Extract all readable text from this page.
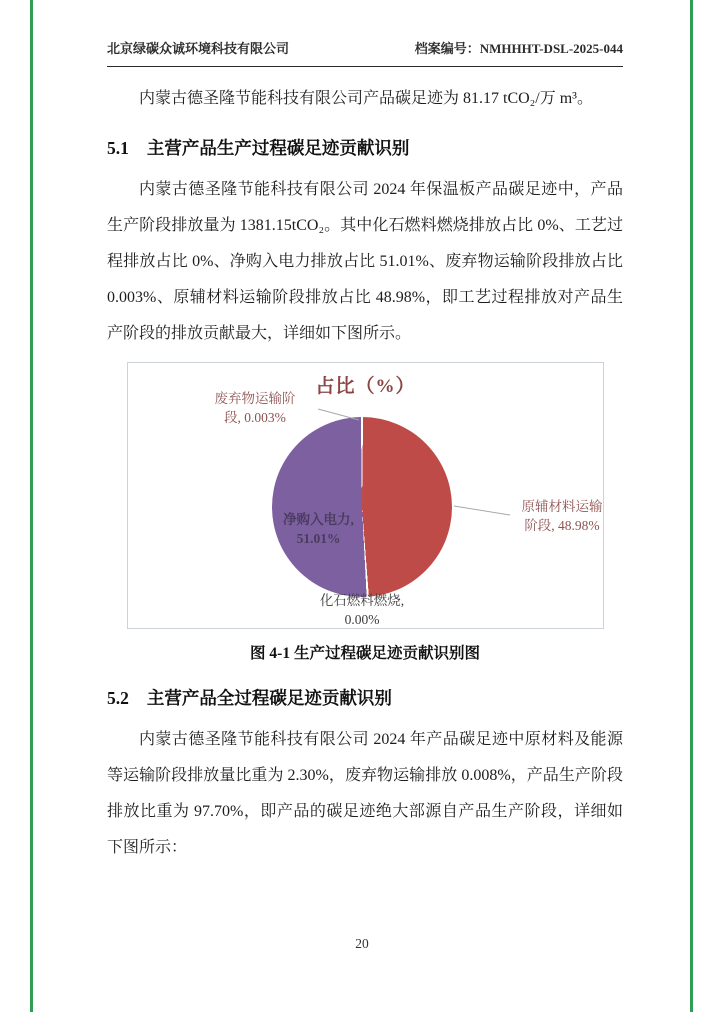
北京绿碳众诚环境科技有限公司	档案编号：NMHHHT-DSL-2025-044

内蒙古德圣隆节能科技有限公司产品碳足迹为 81.17 tCO₂/万 m³。

5.1 主营产品生产过程碳足迹贡献识别

内蒙古德圣隆节能科技有限公司 2024 年保温板产品碳足迹中，产品生产阶段排放量为 1381.15tCO₂。其中化石燃料燃烧排放占比 0%、工艺过程排放占比 0%、净购入电力排放占比 51.01%、废弃物运输阶段排放占比 0.003%、原辅材料运输阶段排放占比 48.98%，即工艺过程排放对产品生产阶段的排放贡献最大，详细如下图所示。

占比（%）
废弃物运输阶
段, 0.003%
原辅材料运输
阶段, 48.98%
净购入电力,
51.01%
化石燃料燃烧,
0.00%

图 4-1 生产过程碳足迹贡献识别图

5.2 主营产品全过程碳足迹贡献识别

内蒙古德圣隆节能科技有限公司 2024 年产品碳足迹中原材料及能源等运输阶段排放量比重为 2.30%，废弃物运输排放 0.008%，产品生产阶段排放比重为 97.70%，即产品的碳足迹绝大部源自产品生产阶段，详细如下图所示：

20
